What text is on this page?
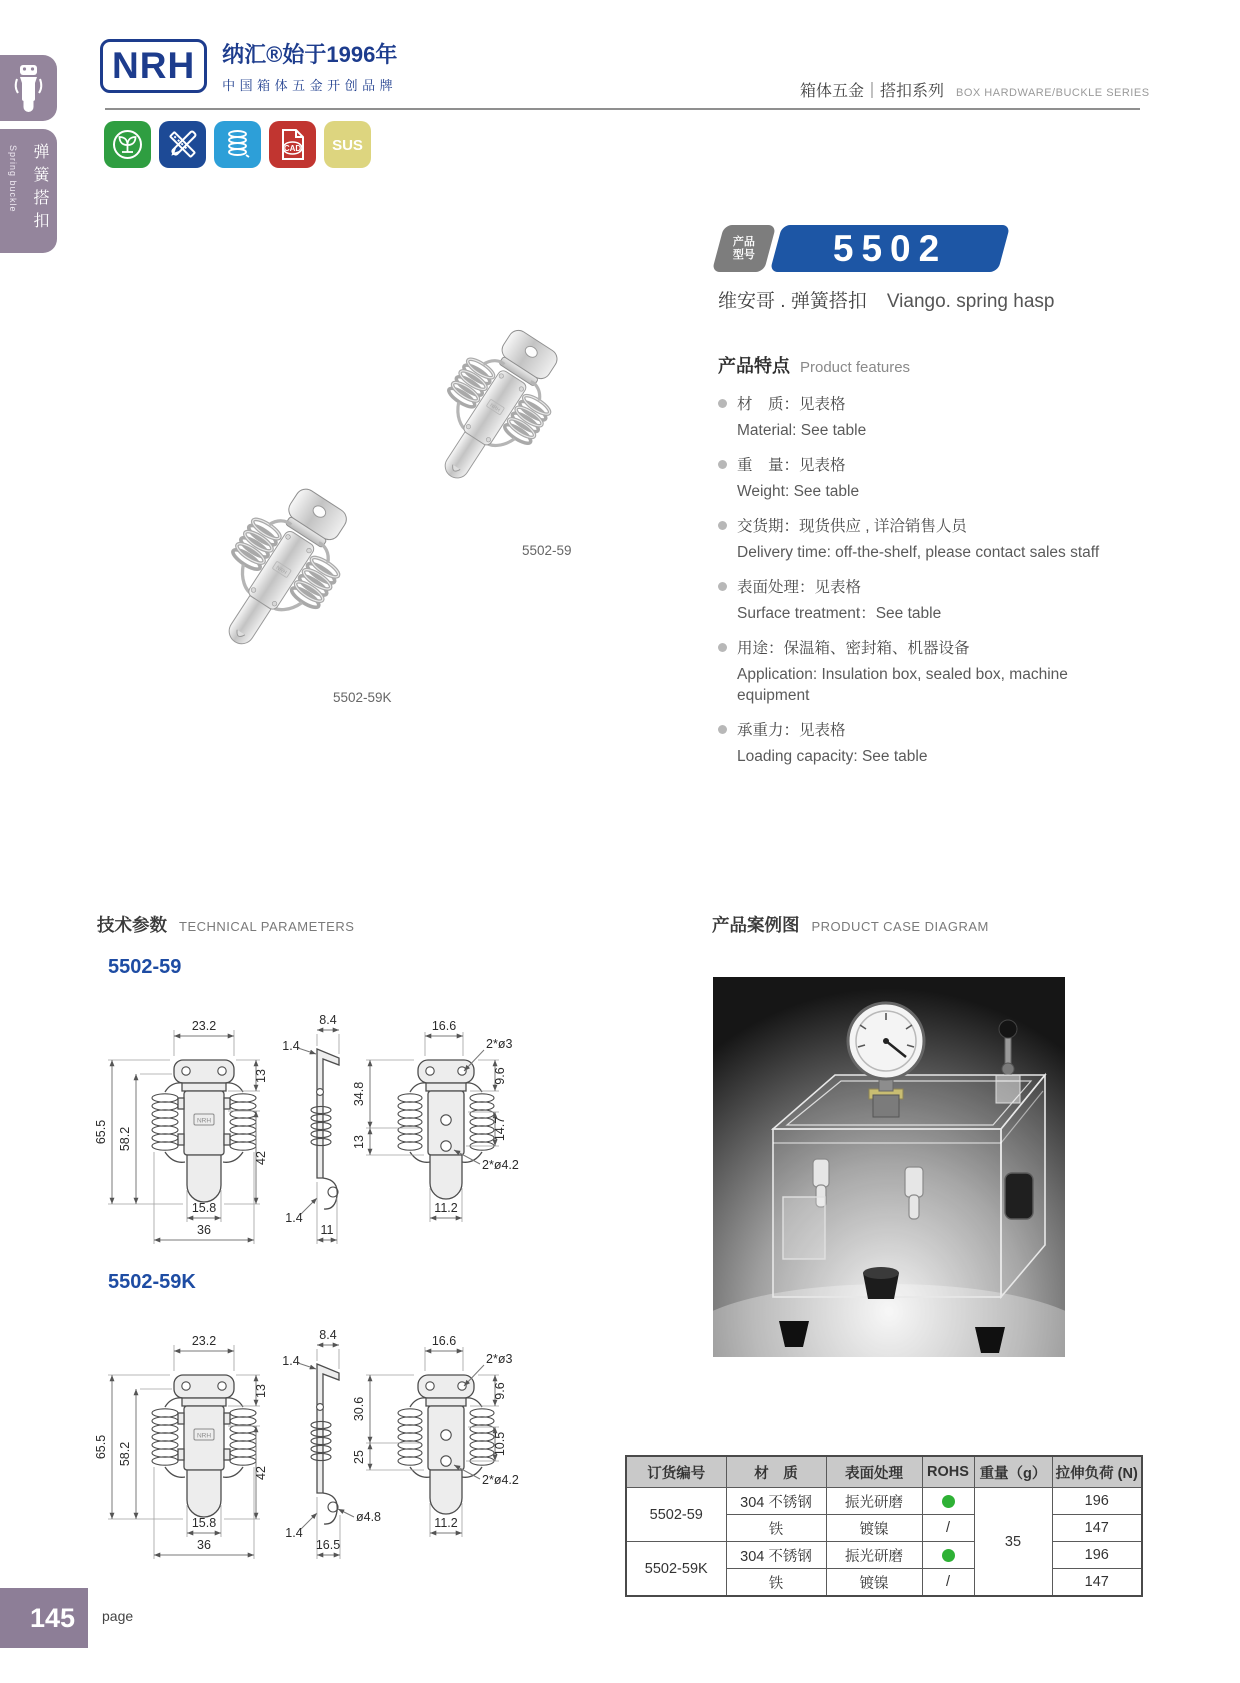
弹簧搭扣
Spring buckle
NRH	纳汇®始于1996年
中国箱体五金开创品牌	箱体五金｜搭扣系列 BOX HARDWARE/BUCKLE SERIES
CAD SUS
NRH
5502-59
5502-59K
产品
型号 5502
维安哥 . 弹簧搭扣 Viango. spring hasp
产品特点 Product features
材　质：见表格
Material: See table
重　量：见表格
Weight: See table
交货期：现货供应 , 详洽销售人员
Delivery time: off-the-shelf, please contact sales staff
表面处理：见表格
Surface treatment：See table
用途：保温箱、密封箱、机器设备
Application: Insulation box, sealed box, machine equipment
承重力：见表格
Loading capacity: See table
技术参数 TECHNICAL PARAMETERS	产品案例图 PRODUCT CASE DIAGRAM
5502-59
23.2
65.5 58.2
13
42
15.8
36
8.4
1.4
1.4
11
16.6
2*ø3
34.8
13
9.6
14.7
2*ø4.2
11.2
5502-59K
23.2
65.5 58.2
13
42
15.8
36
8.4
1.4
1.4
16.5
ø4.8
16.6
2*ø3
30.6
25
9.6
10.5
2*ø4.2
11.2
订货编号	材　质	表面处理	ROHS	重量（g）	拉伸负荷 (N)
5502-59	304 不锈钢	振光研磨		35	196
	铁	镀镍	/		147
5502-59K	304 不锈钢	振光研磨			196
	铁	镀镍	/		147
145	page
